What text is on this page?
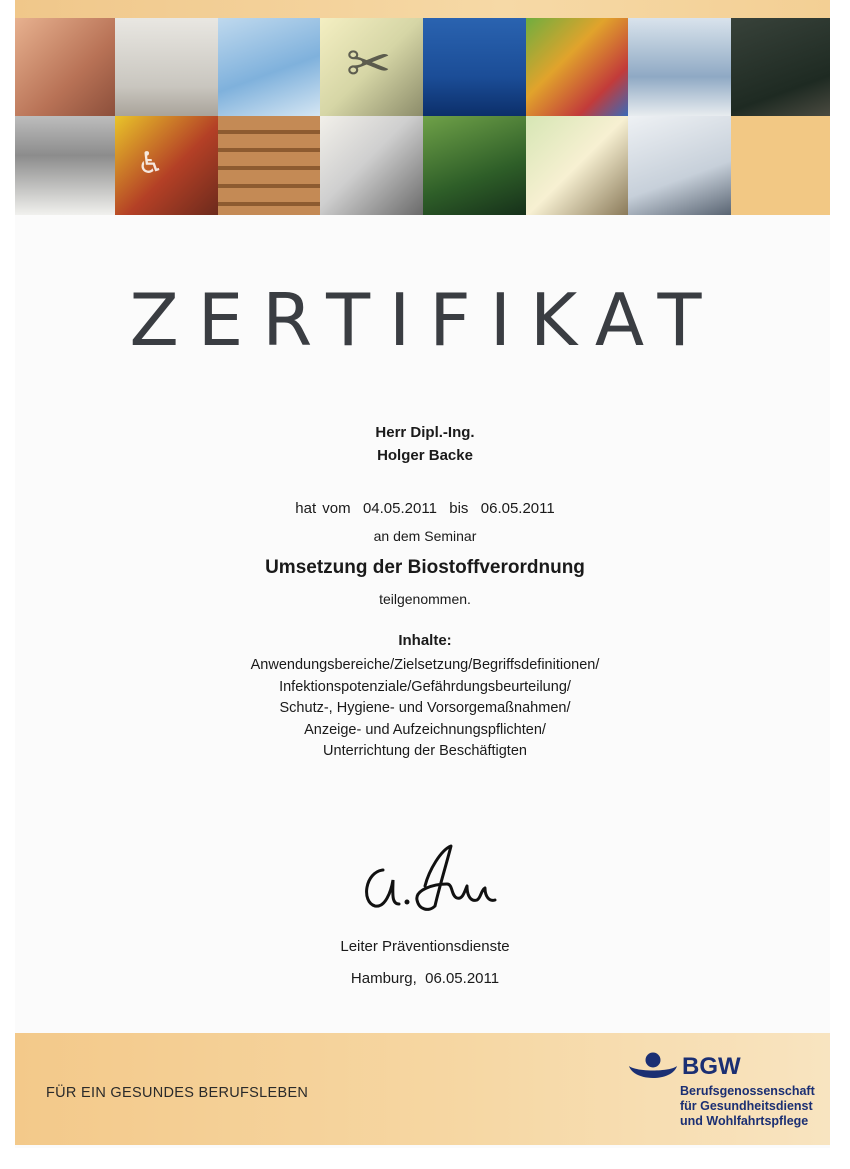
✂
♿
ZERTIFIKAT
Herr Dipl.-Ing.
Holger Backe
hat vom  04.05.2011  bis  06.05.2011
an dem Seminar
Umsetzung der Biostoffverordnung
teilgenommen.
Inhalte:
Anwendungsbereiche/Zielsetzung/Begriffsdefinitionen/
Infektionspotenziale/Gefährdungsbeurteilung/
Schutz-, Hygiene- und Vorsorgemaßnahmen/
Anzeige- und Aufzeichnungspflichten/
Unterrichtung der Beschäftigten
Leiter Präventionsdienste
Hamburg,  06.05.2011
FÜR EIN GESUNDES BERUFSLEBEN
BGW
Berufsgenossenschaft
für Gesundheitsdienst
und Wohlfahrtspflege
